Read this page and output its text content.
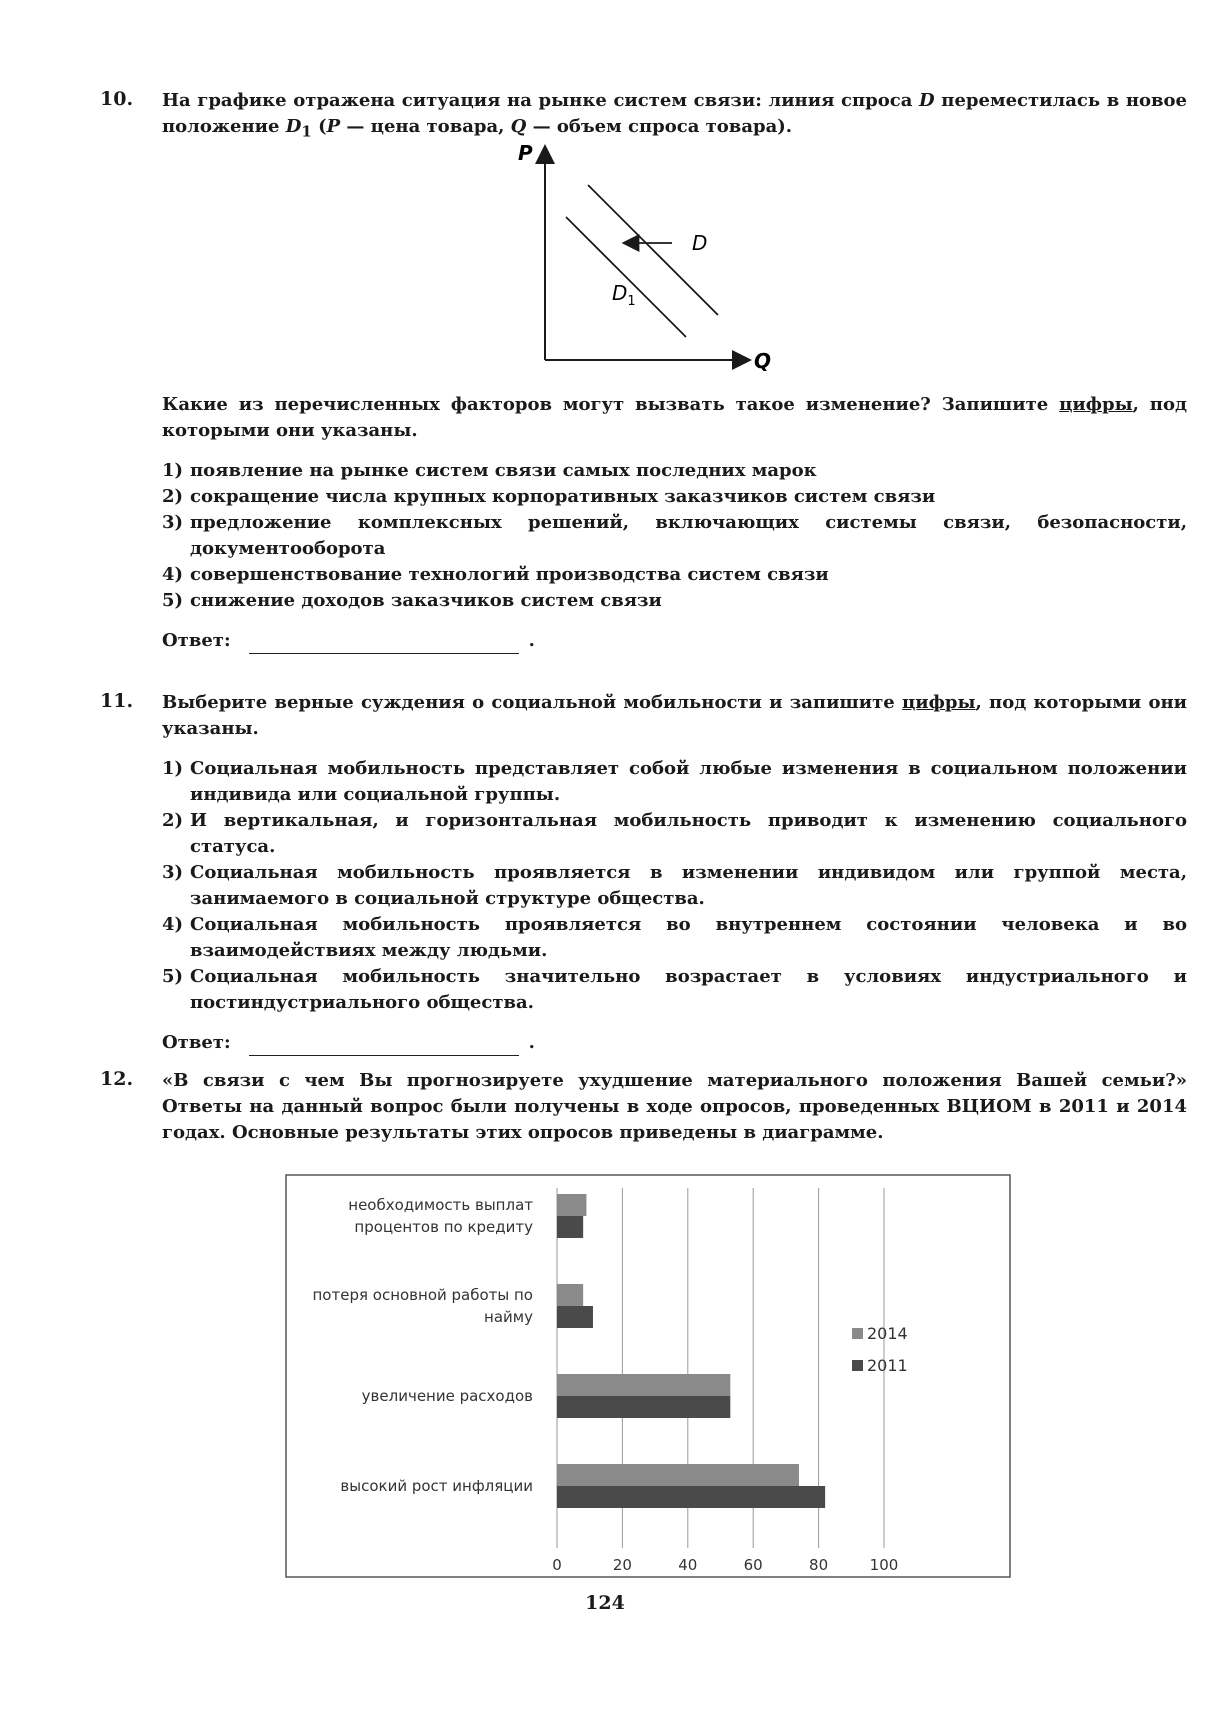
10. На графике отражена ситуация на рынке систем связи: линия спроса D переместилась в новое положение $D_1$ (P — цена товара, Q — объем спроса товара).

P
Q
D
$D_1$

Какие из перечисленных факторов могут вызвать такое изменение? Запишите цифры, под которыми они указаны.

1) появление на рынке систем связи самых последних марок
2) сокращение числа крупных корпоративных заказчиков систем связи
3) предложение комплексных решений, включающих системы связи, безопасности, документооборота
4) совершенствование технологий производства систем связи
5) снижение доходов заказчиков систем связи
Ответ:	.
11. Выберите верные суждения о социальной мобильности и запишите цифры, под которыми они указаны.

1) Социальная мобильность представляет собой любые изменения в социальном положении индивида или социальной группы.
2) И вертикальная, и горизонтальная мобильность приводит к изменению социального статуса.
3) Социальная мобильность проявляется в изменении индивидом или группой места, занимаемого в социальной структуре общества.
4) Социальная мобильность проявляется во внутреннем состоянии человека и во взаимодействиях между людьми.
5) Социальная мобильность значительно возрастает в условиях индустриального и постиндустриального общества.
Ответ:	.
12. «В связи с чем Вы прогнозируете ухудшение материального положения Вашей семьи?» Ответы на данный вопрос были получены в ходе опросов, проведенных ВЦИОМ в 2011 и 2014 годах. Основные результаты этих опросов приведены в диаграмме.

необходимость выплат
процентов по кредиту
потеря основной работы по
найму
увеличение расходов
высокий рост инфляции
0	20	40	60	80	100
2014
2011
124
